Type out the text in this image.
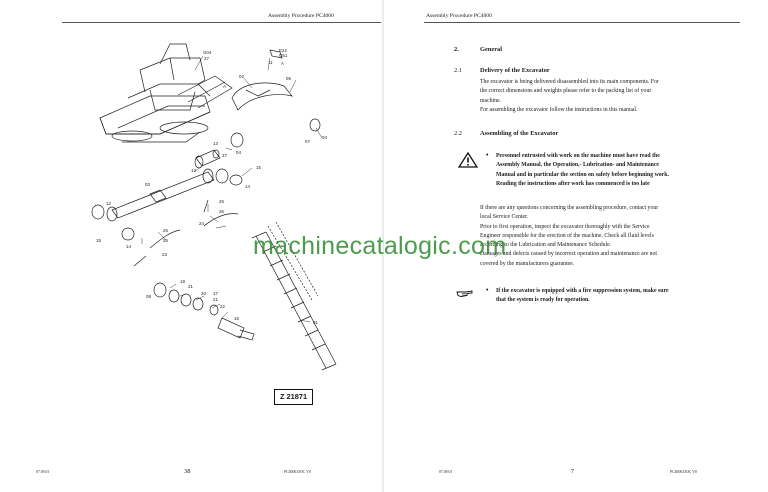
Assembly Procedure PC4000
G04
27
E22
G51
A
11
02	05
A
13
04
37
15
04
07
13
14
03
12	25
26
24
15
14
25
26
23
18
21
08
20 17
21
22
16
01
Z 21871
07.09.01	38	PC4000.DOC V0
Assembly Procedure PC4000
2.	General
2.1	Delivery of the Excavator
The excavator is being delivered disassembled into its main components. For
the correct dimensions and weights please refer to the packing list of your
machine.
For assembling the excavator follow the instructions in this manual.
2.2	Assembling of the Excavator
• Personnel entrusted with work on the machine must have read the
Assembly Manual, the Operation,- Lubrication- and Maintenance
Manual and in particular the section on safety before beginning work.
Reading the instructions after work has commenced is too late
If there are any questions concerning the assembling procedure, contact your
local Service Center.
Prior to first operation, inspect the excavator thoroughly with the Service
Engineer responsible for the erection of the machine. Check all fluid levels
according to the Lubrication and Maintenance Schedule.
Damages and defects caused by incorrect operation and maintenance are not
covered by the manufacturers guarantee.
• If the excavator is equipped with a fire suppression system, make sure
that the system is ready for operation.
07.09.01	7	PC4000.DOC V0
machinecatalogic.com
